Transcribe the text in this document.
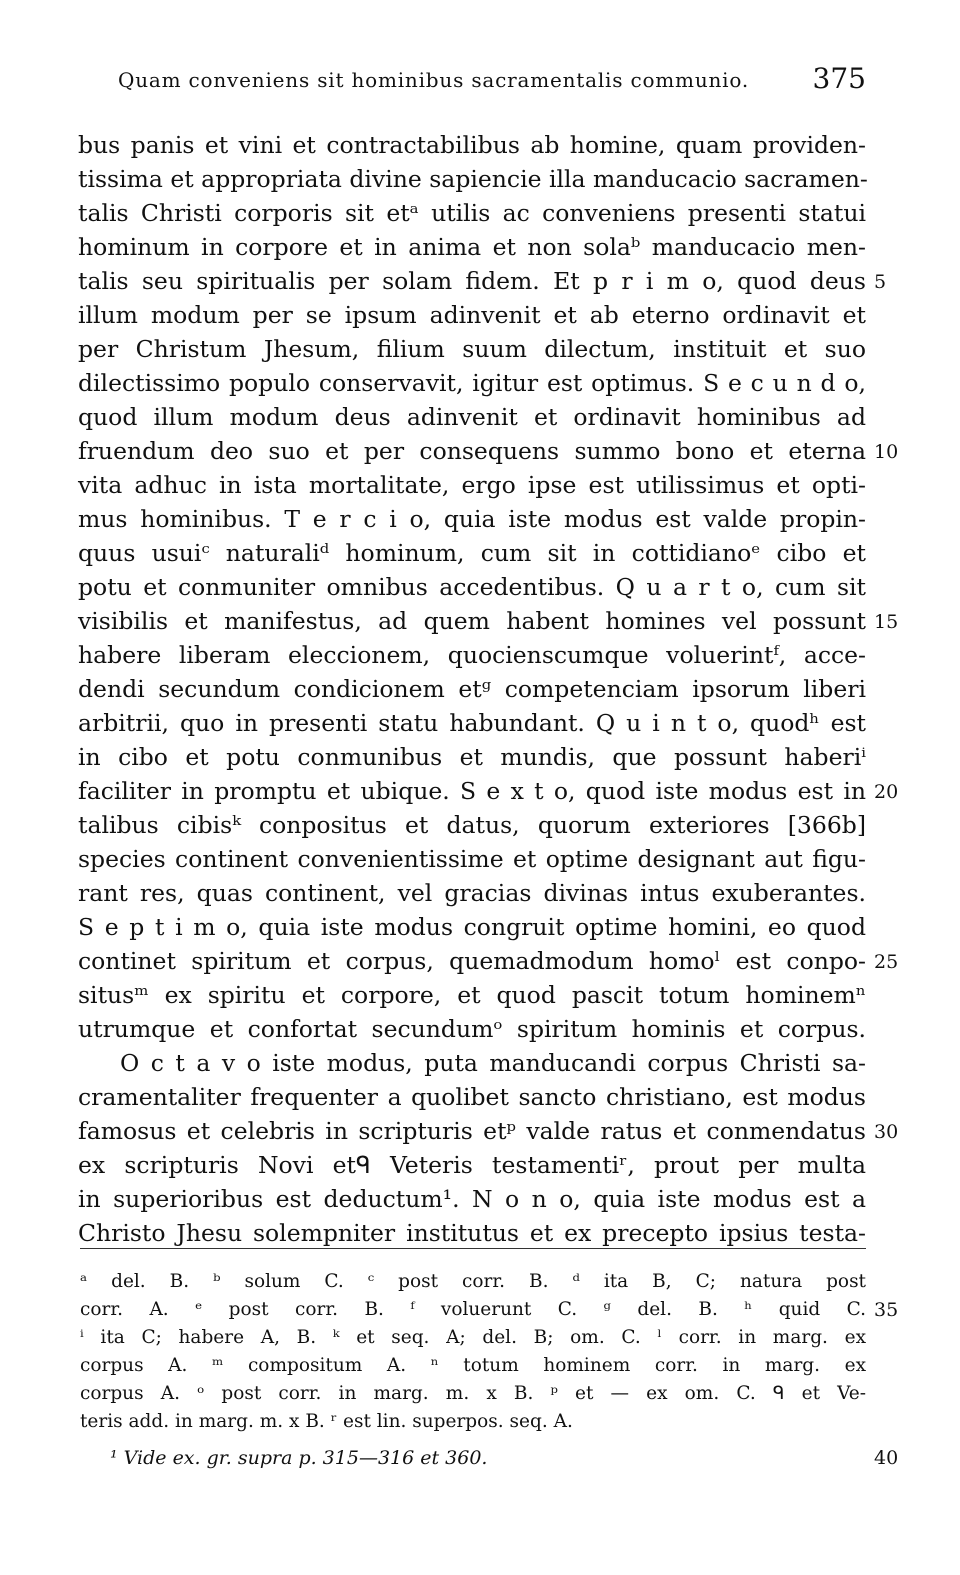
Quam conveniens sit hominibus sacramentalis communio. 375
bus panis et vini et contractabilibus ab homine, quam providen-
tissima et appropriata divine sapiencie illa manducacio sacramen-
talis Christi corporis sit etᵃ utilis ac conveniens presenti statui
hominum in corpore et in anima et non solaᵇ manducacio men-
talis seu spiritualis per solam fidem. Et p r i m o, quod deus
illum modum per se ipsum adinvenit et ab eterno ordinavit et
per Christum Jhesum, filium suum dilectum, instituit et suo
dilectissimo populo conservavit, igitur est optimus. S e c u n d o,
quod illum modum deus adinvenit et ordinavit hominibus ad
fruendum deo suo et per consequens summo bono et eterna
vita adhuc in ista mortalitate, ergo ipse est utilissimus et opti-
mus hominibus. T e r c i o, quia iste modus est valde propin-
quus usuiᶜ naturaliᵈ hominum, cum sit in cottidianoᵉ cibo et
potu et conmuniter omnibus accedentibus. Q u a r t o, cum sit
visibilis et manifestus, ad quem habent homines vel possunt
habere liberam eleccionem, quocienscumque voluerintᶠ, acce-
dendi secundum condicionem etᵍ competenciam ipsorum liberi
arbitrii, quo in presenti statu habundant. Q u i n t o, quodʰ est
in cibo et potu conmunibus et mundis, que possunt haberiⁱ
faciliter in promptu et ubique. S e x t o, quod iste modus est in
talibus cibisᵏ conpositus et datus, quorum exteriores [366b]
species continent convenientissime et optime designant aut figu-
rant res, quas continent, vel gracias divinas intus exuberantes.
S e p t i m o, quia iste modus congruit optime homini, eo quod
continet spiritum et corpus, quemadmodum homoˡ est conpo-
situsᵐ ex spiritu et corpore, et quod pascit totum hominemⁿ
utrumque et confortat secundumᵒ spiritum hominis et corpus.
O c t a v o iste modus, puta manducandi corpus Christi sa-
cramentaliter frequenter a quolibet sancto christiano, est modus
famosus et celebris in scripturis etᵖ valde ratus et conmendatus
ex scripturis Novi etᑫ Veteris testamentiʳ, prout per multa
in superioribus est deductum¹. N o n o, quia iste modus est a
Christo Jhesu solempniter institutus et ex precepto ipsius testa-
ᵃ del. B. ᵇ solum C. ᶜ post corr. B. ᵈ ita B, C; natura post
corr. A. ᵉ post corr. B. ᶠ voluerunt C. ᵍ del. B. ʰ quid C.
ⁱ ita C; habere A, B. ᵏ et seq. A; del. B; om. C. ˡ corr. in marg. ex
corpus A. ᵐ compositum A. ⁿ totum hominem corr. in marg. ex
corpus A. ᵒ post corr. in marg. m. x B. ᵖ et — ex om. C. ᑫ et Ve-
teris add. in marg. m. x B. ʳ est lin. superpos. seq. A.
¹ Vide ex. gr. supra p. 315—316 et 360.
5
10
15
20
25
30
35
40
